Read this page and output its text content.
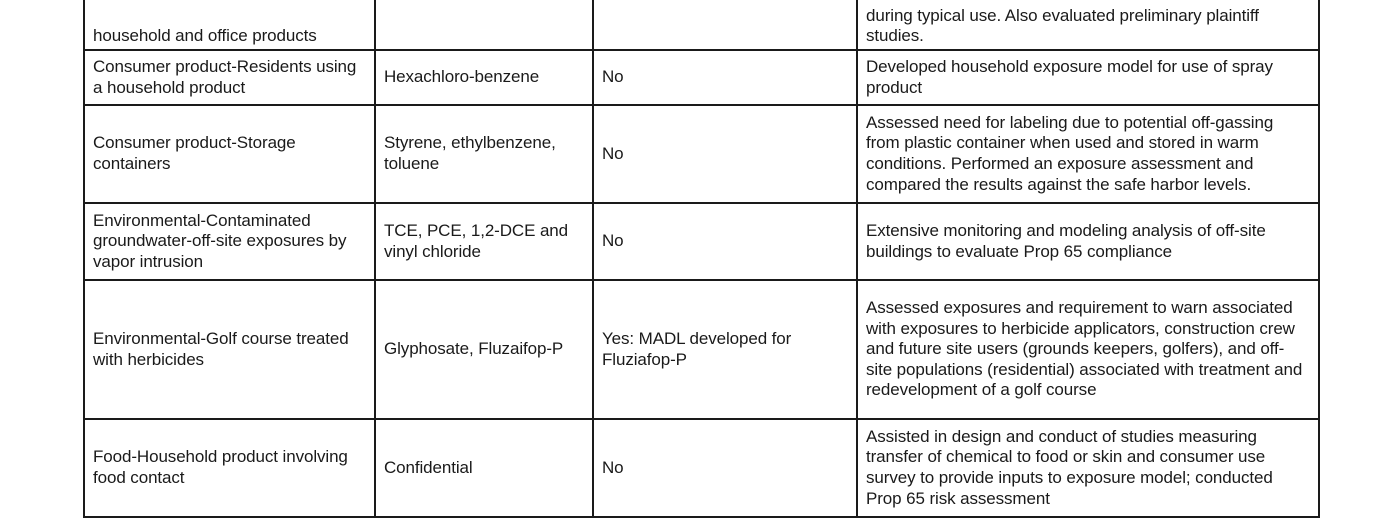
household and office products			during typical use. Also evaluated preliminary plaintiff studies.
Consumer product-Residents using a household product	Hexachloro-benzene	No	Developed household exposure model for use of spray product
Consumer product-Storage containers	Styrene, ethylbenzene, toluene	No	Assessed need for labeling due to potential off-gassing from plastic container when used and stored in warm conditions. Performed an exposure assessment and compared the results against the safe harbor levels.
Environmental-Contaminated groundwater-off-site exposures by vapor intrusion	TCE, PCE, 1,2-DCE and vinyl chloride	No	Extensive monitoring and modeling analysis of off-site buildings to evaluate Prop 65 compliance
Environmental-Golf course treated with herbicides	Glyphosate, Fluzaifop-P	Yes: MADL developed for Fluziafop-P	Assessed exposures and requirement to warn associated with exposures to herbicide applicators, construction crew and future site users (grounds keepers, golfers), and off-site populations (residential) associated with treatment and redevelopment of a golf course
Food-Household product involving food contact	Confidential	No	Assisted in design and conduct of studies measuring transfer of chemical to food or skin and consumer use survey to provide inputs to exposure model; conducted Prop 65 risk assessment
